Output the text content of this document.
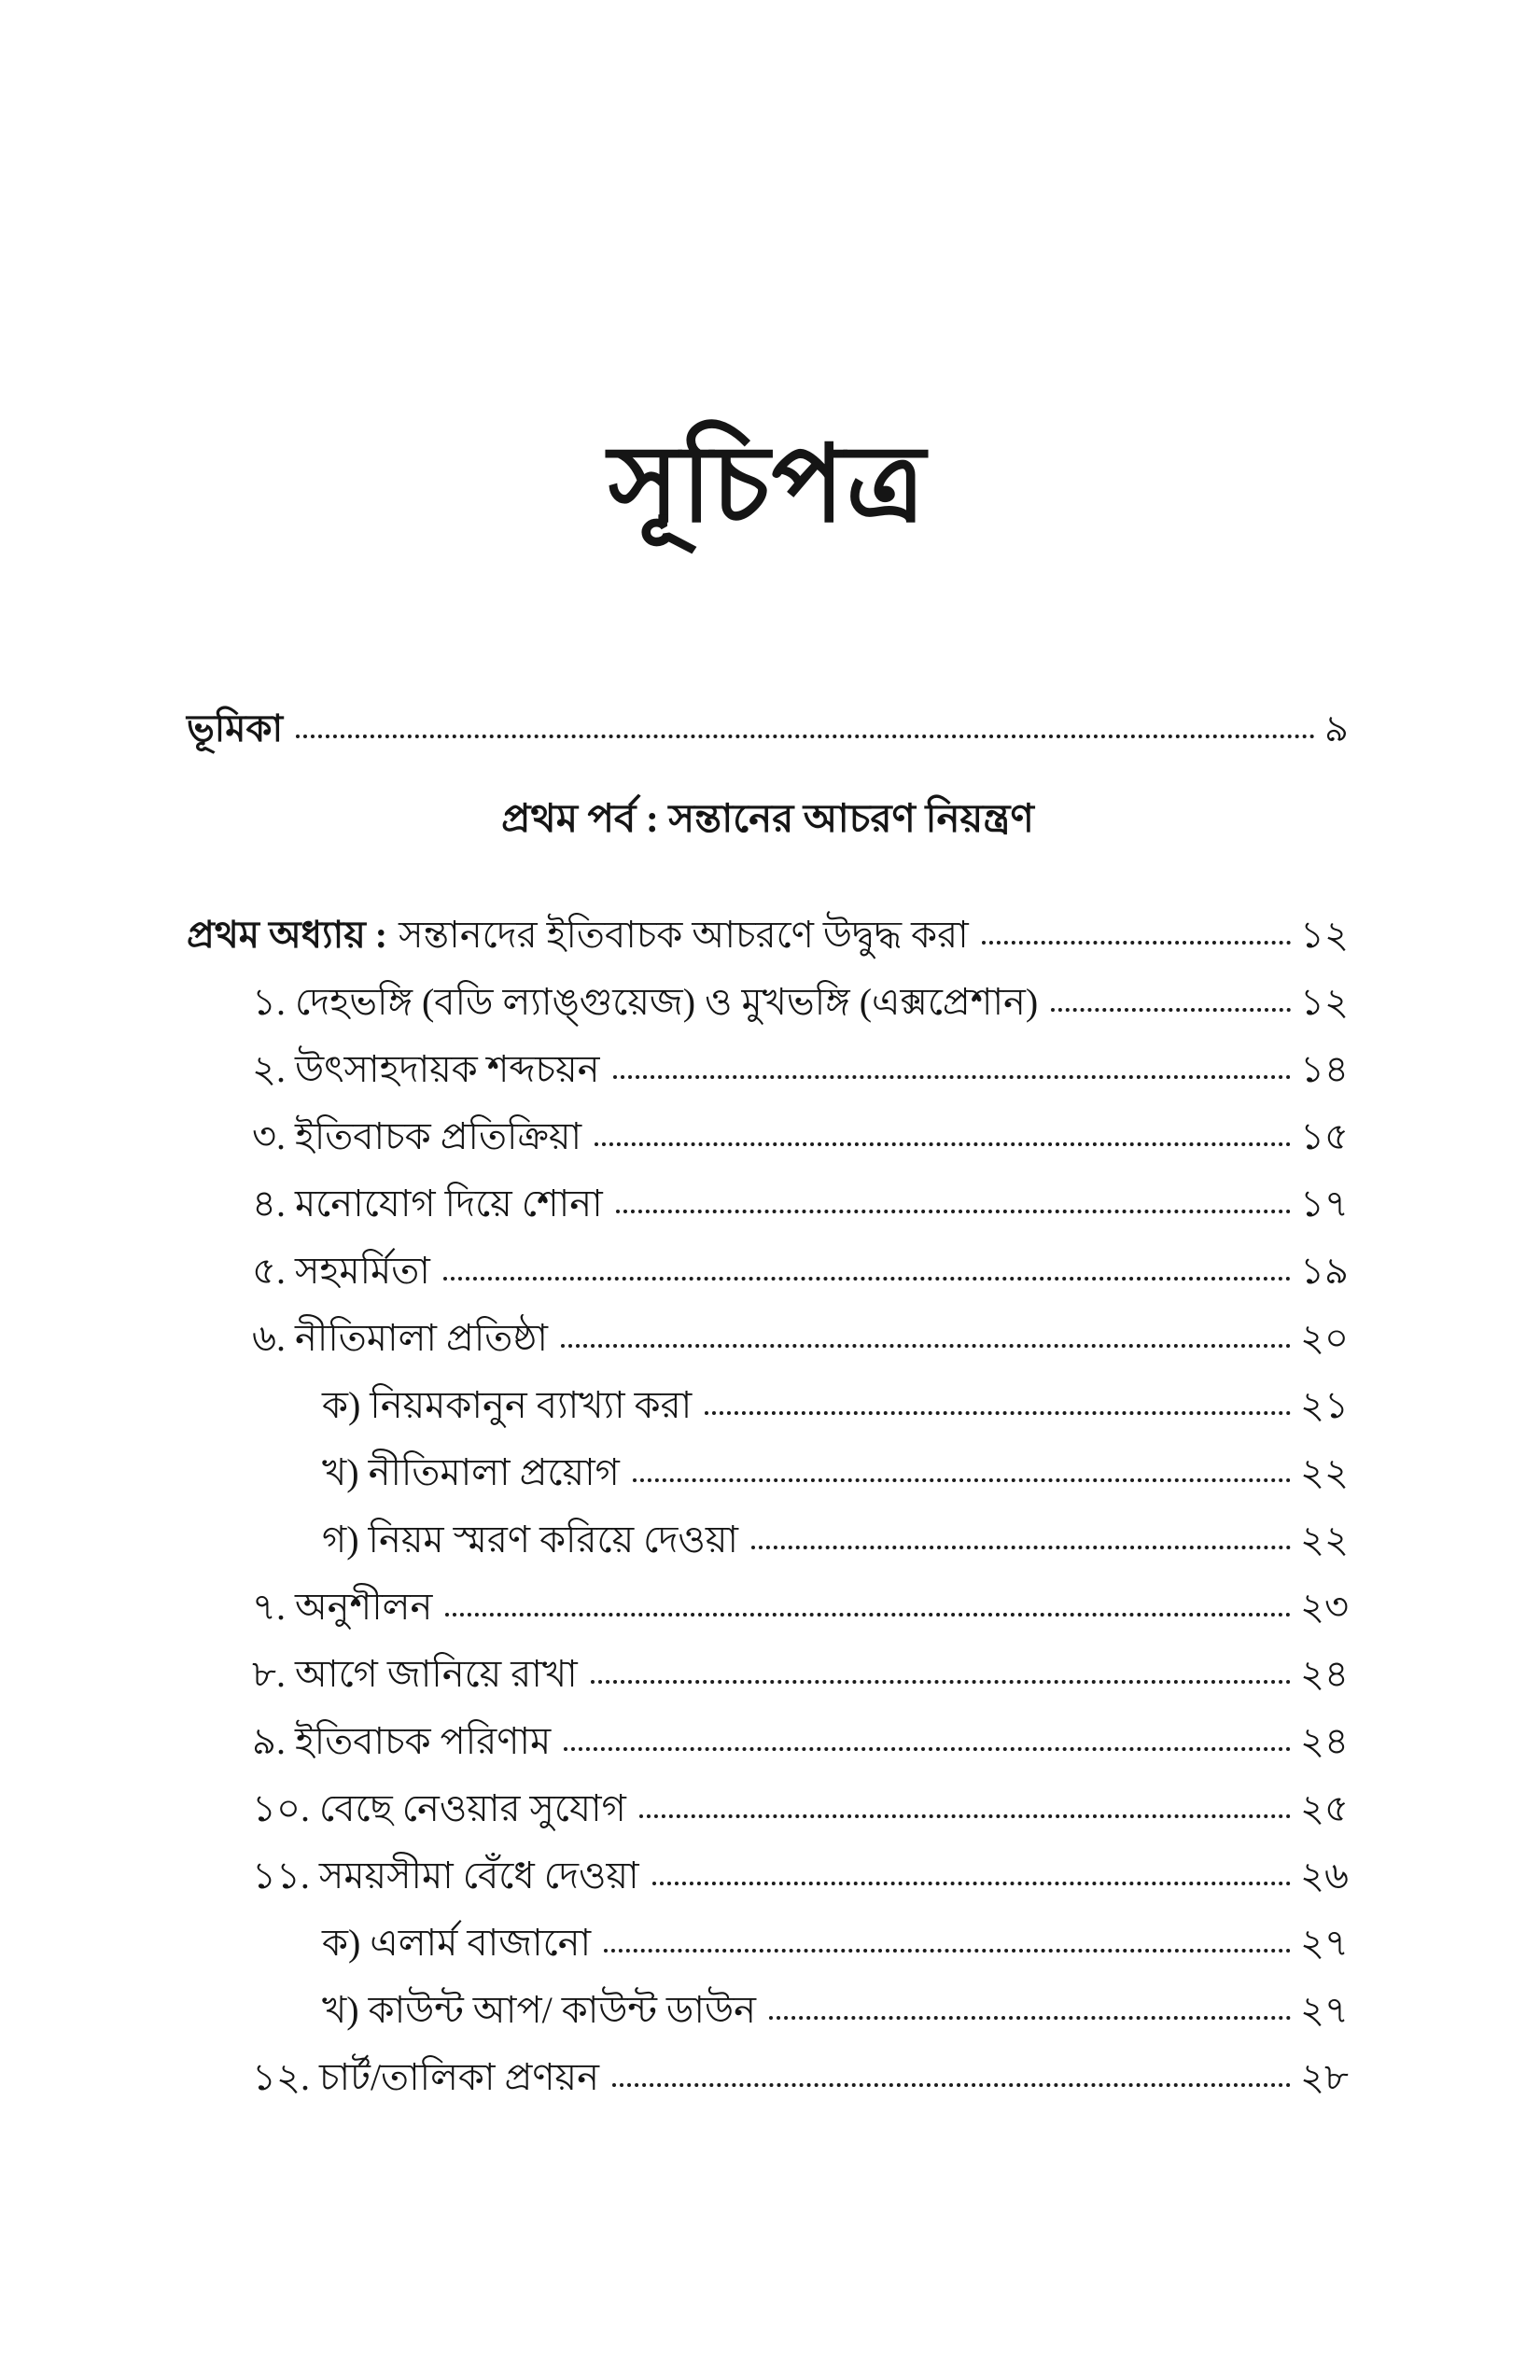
সূচিপত্র
ভূমিকা	৯
প্রথম পর্ব : সন্তানের আচরণ নিয়ন্ত্রণ
প্রথম অধ্যায় : সন্তানদের ইতিবাচক আচরণে উদ্বুদ্ধ করা	১২
১. দেহভঙ্গি (বডি ল্যাঙ্গুয়েজ) ও মুখভঙ্গি (এক্সপ্রেশান)	১২
২. উৎসাহদায়ক শব্দচয়ন	১৪
৩. ইতিবাচক প্রতিক্রিয়া	১৫
৪. মনোযোগ দিয়ে শোনা	১৭
৫. সহমর্মিতা	১৯
৬. নীতিমালা প্রতিষ্ঠা	২০
ক) নিয়মকানুন ব্যাখ্যা করা	২১
খ) নীতিমালা প্রয়োগ	২২
গ) নিয়ম স্মরণ করিয়ে দেওয়া	২২
৭. অনুশীলন	২৩
৮. আগে জানিয়ে রাখা	২৪
৯. ইতিবাচক পরিণাম	২৪
১০. বেছে নেওয়ার সুযোগ	২৫
১১. সময়সীমা বেঁধে দেওয়া	২৬
ক) এলার্ম বাজানো	২৭
খ) কাউন্ট আপ/ কাউন্ট ডাউন	২৭
১২. চার্ট/তালিকা প্রণয়ন	২৮
